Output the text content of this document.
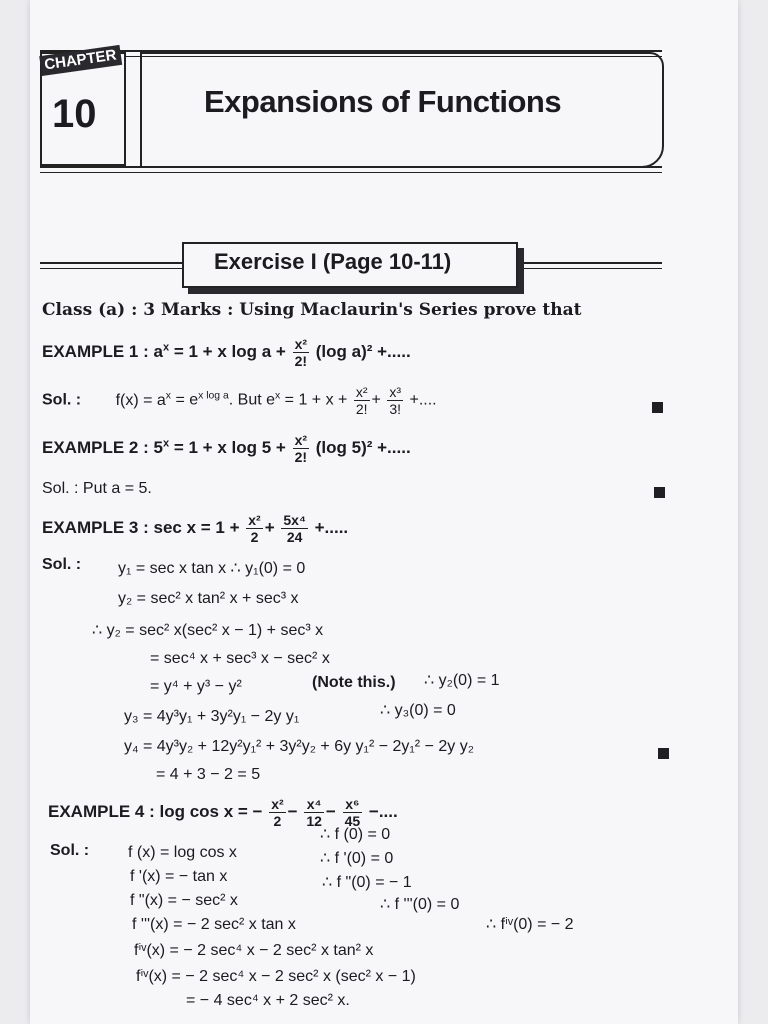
CHAPTER
10	Expansions of Functions
Exercise I (Page 10-11)
Class (a) : 3 Marks : Using Maclaurin's Series prove that
EXAMPLE 1 : $a^x = 1 + x$ $\log a + \frac{\text{x²}}{2!} (\log$ a)² +.....
Sol. : $f(x) = a^x = e^{x log a}$. But $e^x = 1 + x + \frac{\text{x²}}{2!} + \frac{\text{x³}}{3!}$ +....
EXAMPLE 2 : $5^x = 1 + x$ $\log 5 + \frac{\text{x²}}{2!} (\log$ 5)² +.....
Sol. : Put a = 5.
EXAMPLE 3 : $\sec x = 1 + \frac{\text{x²}}{2} + \frac{\text{5x⁴}}{24}$ +.....
Sol. : y₁ = sec x tan x ∴ y₁(0) = 0
y₂ = sec² x tan² x + sec³ x
∴ y₂ = sec² x(sec² x − 1) + sec³ x
= sec⁴ x + sec³ x − sec² x
= y⁴ + y³ − y²	(Note this.) ∴ y₂(0) = 1
y₃ = 4y³y₁ + 3y²y₁ − 2y y₁	∴ y₃(0) = 0
y₄ = 4y³y₂ + 12y²y₁² + 3y²y₂ + 6y y₁² − 2y₁² − 2y y₂
= 4 + 3 − 2 = 5
EXAMPLE 4 : log cos x = − $\frac{\text{x²}}{2} - \frac{\text{x⁴}}{12} - \frac{\text{x⁶}}{45}$ −....
Sol. :
∴ f (0) = 0
f (x) = log cos x	∴ f '(0) = 0
f '(x) = − tan x	∴ f "(0) = − 1
f "(x) = − sec² x	∴ f '''(0) = 0
f '''(x) = − 2 sec² x tan x
fⁱᵛ(x) = − 2 sec⁴ x − 2 sec² x tan² x
∴ fⁱᵛ(0) = − 2
fⁱᵛ(x) = − 2 sec⁴ x − 2 sec² x (sec² x − 1)
= − 4 sec⁴ x + 2 sec² x.
